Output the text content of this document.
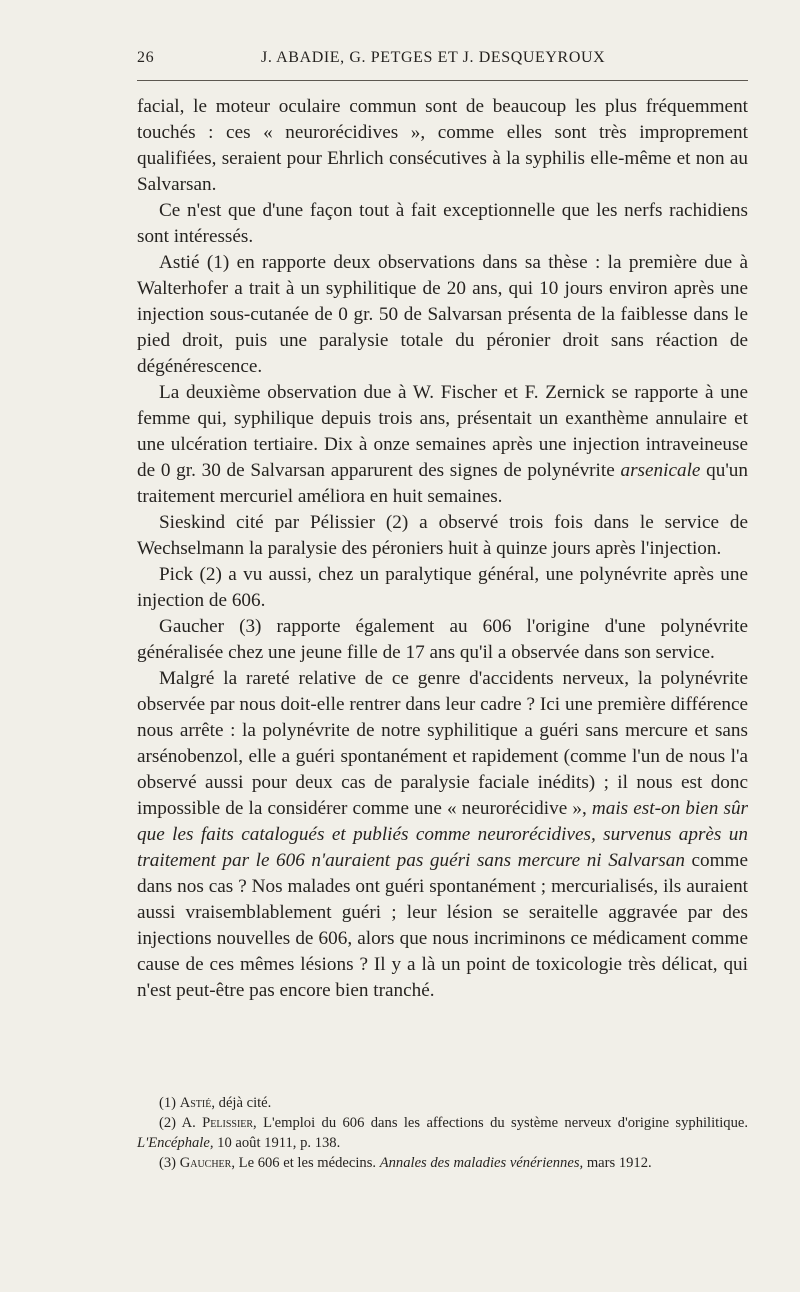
26	J. ABADIE, G. PETGES ET J. DESQUEYROUX

facial, le moteur oculaire commun sont de beaucoup les plus fréquemment touchés : ces « neurorécidives », comme elles sont très improprement qualifiées, seraient pour Ehrlich consécutives à la syphilis elle-même et non au Salvarsan.

Ce n'est que d'une façon tout à fait exceptionnelle que les nerfs rachidiens sont intéressés.

Astié (1) en rapporte deux observations dans sa thèse : la première due à Walterhofer a trait à un syphilitique de 20 ans, qui 10 jours environ après une injection sous-cutanée de 0 gr. 50 de Salvarsan présenta de la faiblesse dans le pied droit, puis une paralysie totale du péronier droit sans réaction de dégénérescence.

La deuxième observation due à W. Fischer et F. Zernick se rapporte à une femme qui, syphilique depuis trois ans, présentait un exanthème annulaire et une ulcération tertiaire. Dix à onze semaines après une injection intraveineuse de 0 gr. 30 de Salvarsan apparurent des signes de polynévrite arsenicale qu'un traitement mercuriel améliora en huit semaines.

Sieskind cité par Pélissier (2) a observé trois fois dans le service de Wechselmann la paralysie des péroniers huit à quinze jours après l'injection.

Pick (2) a vu aussi, chez un paralytique général, une polynévrite après une injection de 606.

Gaucher (3) rapporte également au 606 l'origine d'une polynévrite généralisée chez une jeune fille de 17 ans qu'il a observée dans son service.

Malgré la rareté relative de ce genre d'accidents nerveux, la polynévrite observée par nous doit-elle rentrer dans leur cadre ? Ici une première différence nous arrête : la polynévrite de notre syphilitique a guéri sans mercure et sans arsénobenzol, elle a guéri spontanément et rapidement (comme l'un de nous l'a observé aussi pour deux cas de paralysie faciale inédits) ; il nous est donc impossible de la considérer comme une « neurorécidive », mais est-on bien sûr que les faits catalogués et publiés comme neurorécidives, survenus après un traitement par le 606 n'auraient pas guéri sans mercure ni Salvarsan comme dans nos cas ? Nos malades ont guéri spontanément ; mercurialisés, ils auraient aussi vraisemblablement guéri ; leur lésion se seraitelle aggravée par des injections nouvelles de 606, alors que nous incriminons ce médicament comme cause de ces mêmes lésions ? Il y a là un point de toxicologie très délicat, qui n'est peut-être pas encore bien tranché.

(1) Astié, déjà cité.

(2) A. Pelissier, L'emploi du 606 dans les affections du système nerveux d'origine syphilitique. L'Encéphale, 10 août 1911, p. 138.

(3) Gaucher, Le 606 et les médecins. Annales des maladies vénériennes, mars 1912.
